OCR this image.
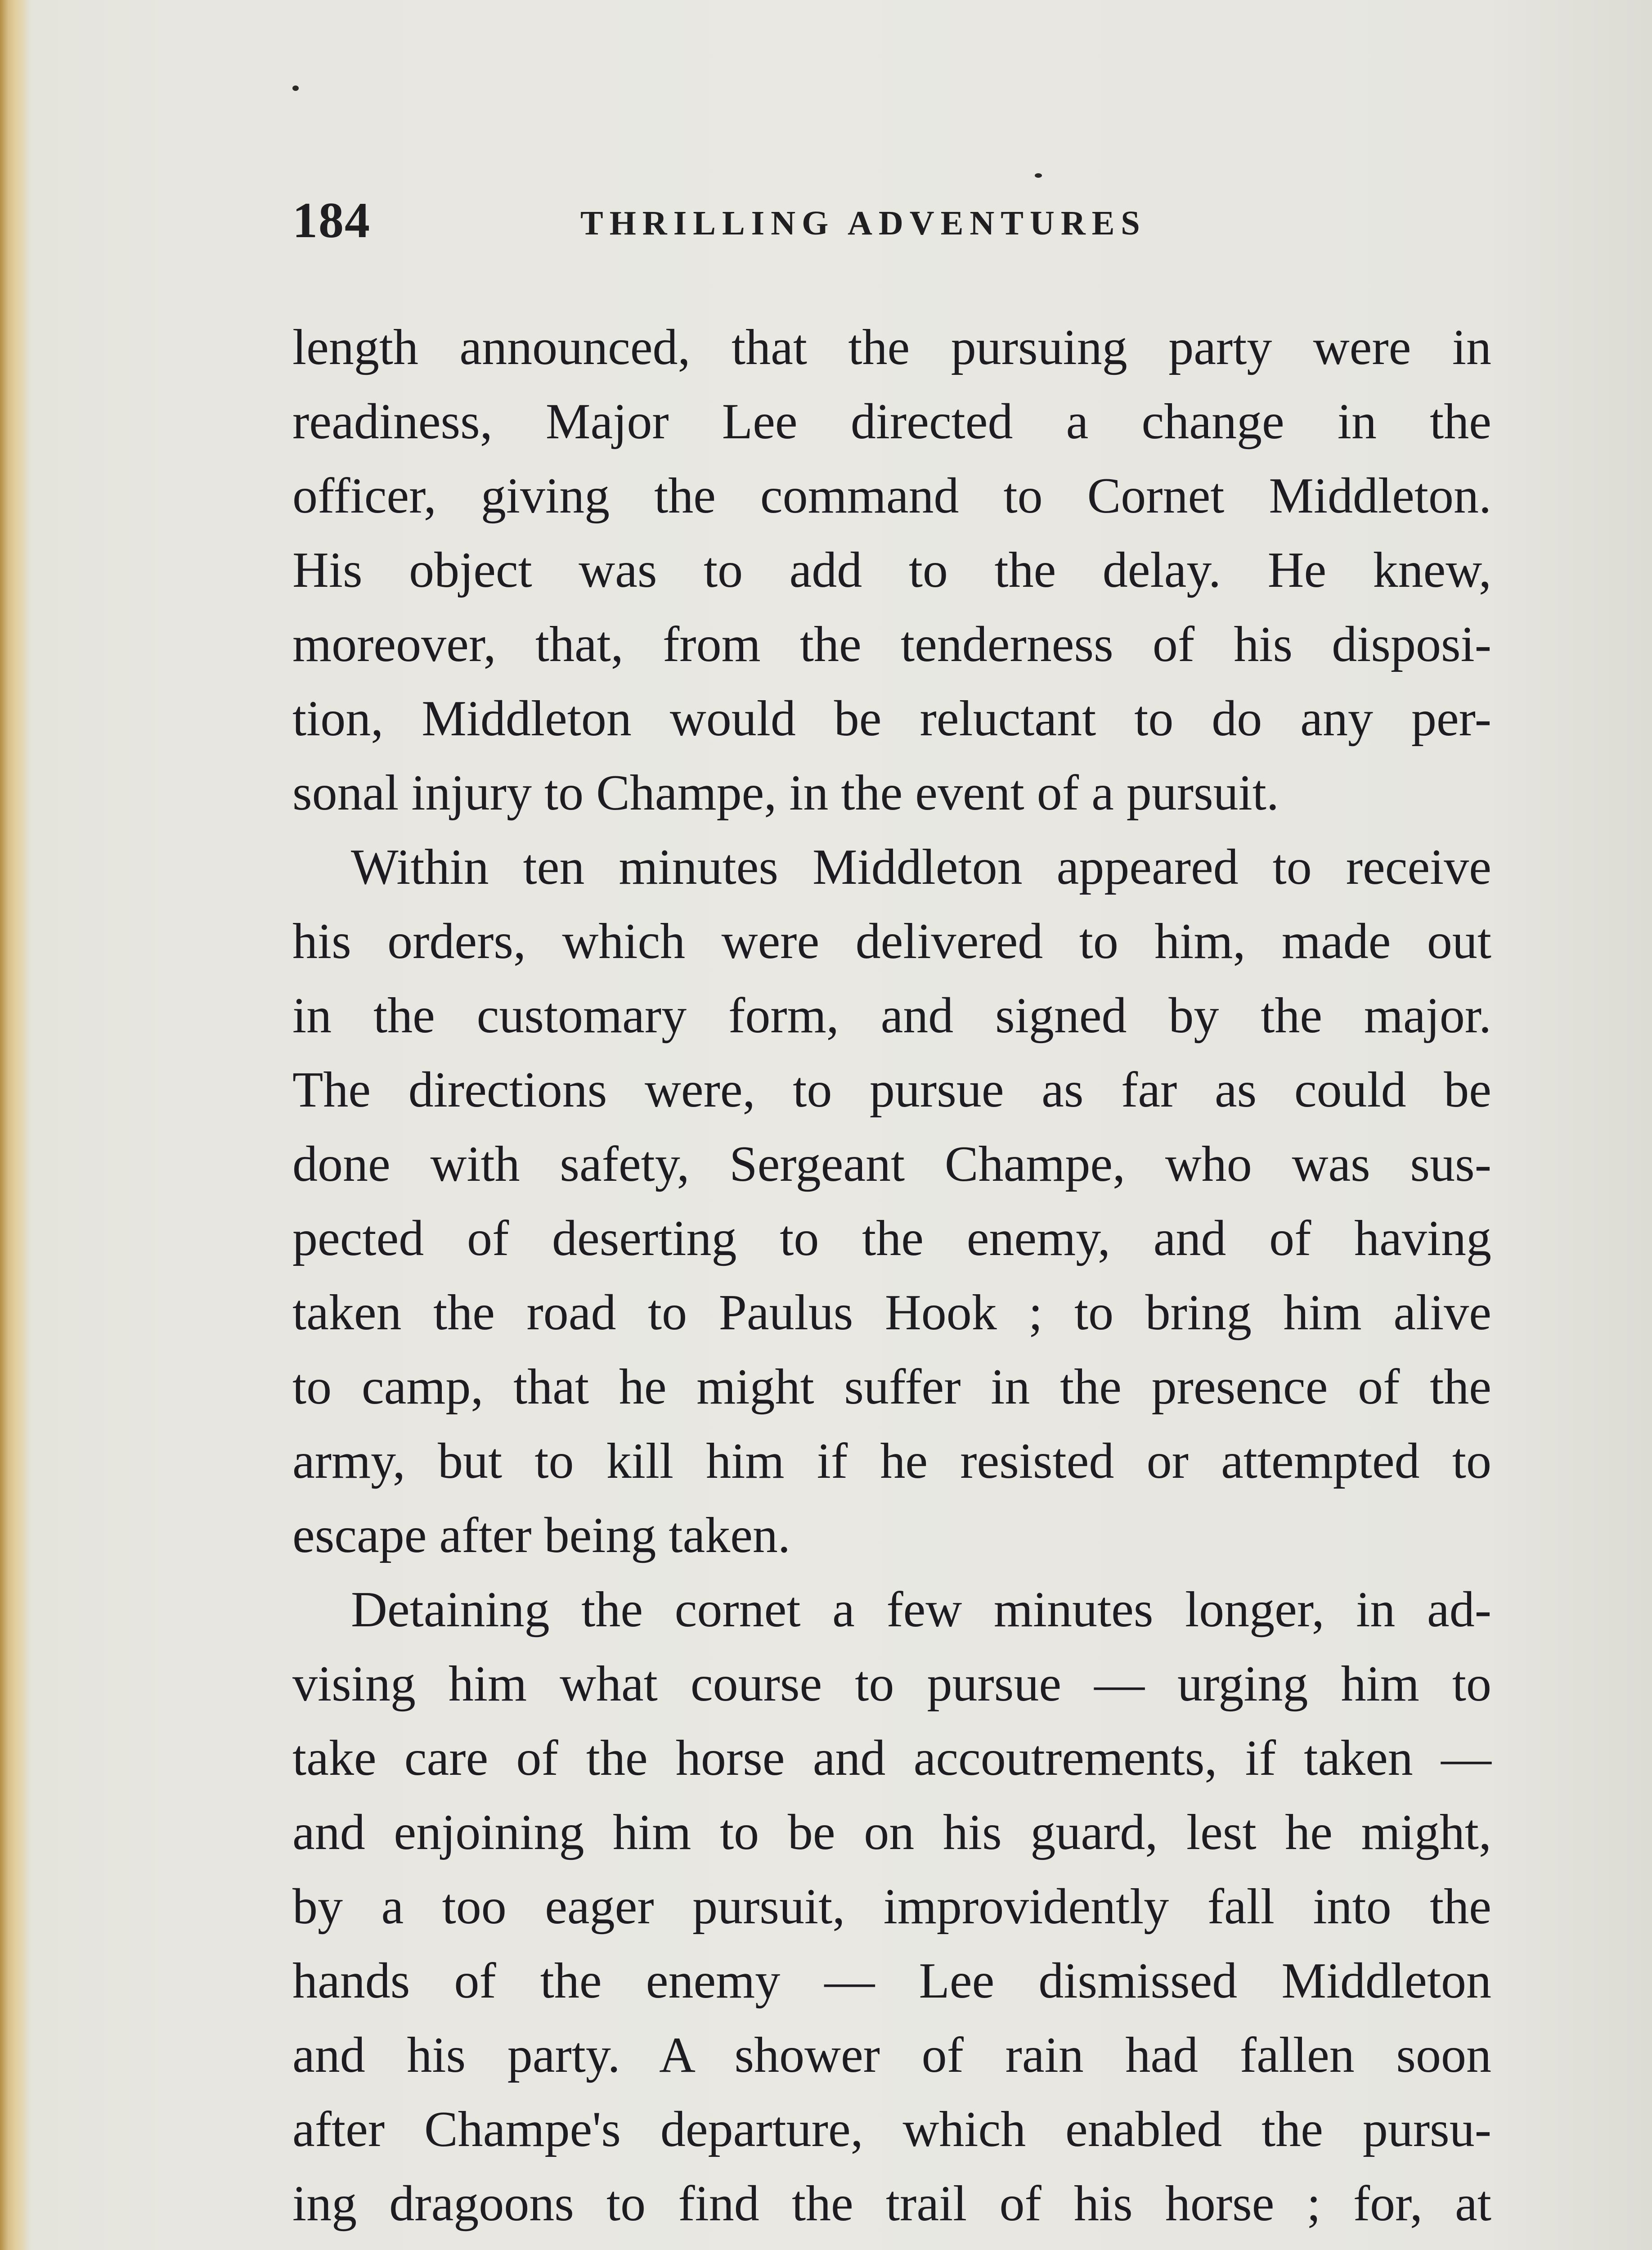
184	THRILLING ADVENTURES
length announced, that the pursuing party were in
readiness, Major Lee directed a change in the
officer, giving the command to Cornet Middleton.
His object was to add to the delay. He knew,
moreover, that, from the tenderness of his disposi-
tion, Middleton would be reluctant to do any per-
sonal injury to Champe, in the event of a pursuit.
Within ten minutes Middleton appeared to receive
his orders, which were delivered to him, made out
in the customary form, and signed by the major.
The directions were, to pursue as far as could be
done with safety, Sergeant Champe, who was sus-
pected of deserting to the enemy, and of having
taken the road to Paulus Hook ; to bring him alive
to camp, that he might suffer in the presence of the
army, but to kill him if he resisted or attempted to
escape after being taken.
Detaining the cornet a few minutes longer, in ad-
vising him what course to pursue — urging him to
take care of the horse and accoutrements, if taken —
and enjoining him to be on his guard, lest he might,
by a too eager pursuit, improvidently fall into the
hands of the enemy — Lee dismissed Middleton
and his party. A shower of rain had fallen soon
after Champe's departure, which enabled the pursu-
ing dragoons to find the trail of his horse ; for, at
